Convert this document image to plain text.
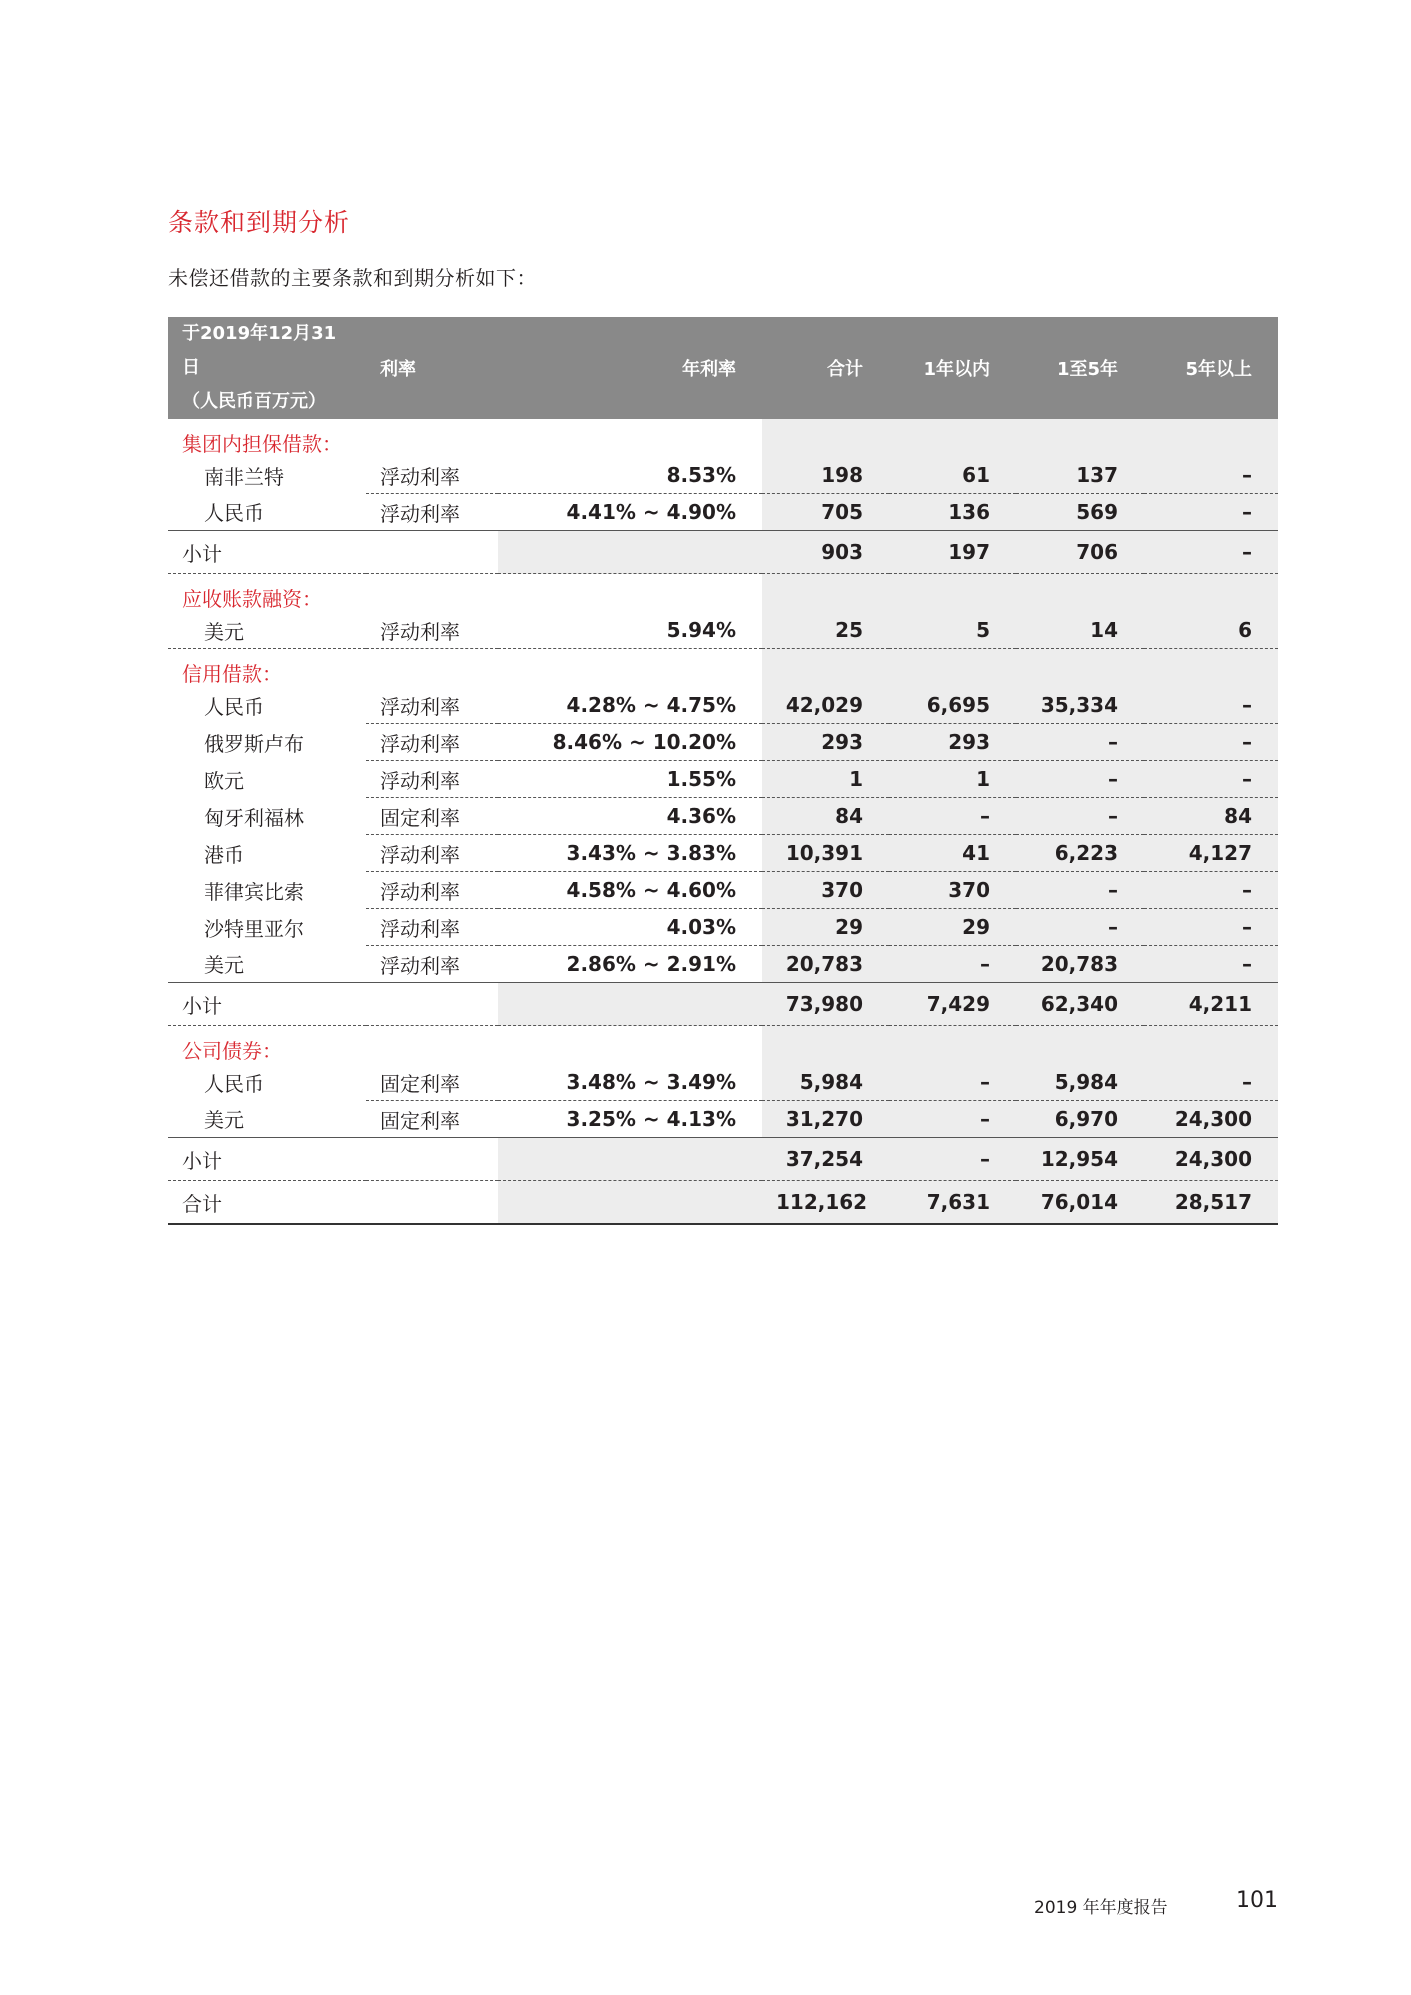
条款和到期分析

未偿还借款的主要条款和到期分析如下：

于2019年12月31日
（人民币百万元）	利率	年利率	合计	1年以内	1至5年	5年以上
集团内担保借款：						
南非兰特	浮动利率	8.53%	198	61	137	–
人民币	浮动利率	4.41% ~ 4.90%	705	136	569	–
小计			903	197	706	–
应收账款融资：						
美元	浮动利率	5.94%	25	5	14	6
信用借款：						
人民币	浮动利率	4.28% ~ 4.75%	42,029	6,695	35,334	–
俄罗斯卢布	浮动利率	8.46% ~ 10.20%	293	293	–	–
欧元	浮动利率	1.55%	1	1	–	–
匈牙利福林	固定利率	4.36%	84	–	–	84
港币	浮动利率	3.43% ~ 3.83%	10,391	41	6,223	4,127
菲律宾比索	浮动利率	4.58% ~ 4.60%	370	370	–	–
沙特里亚尔	浮动利率	4.03%	29	29	–	–
美元	浮动利率	2.86% ~ 2.91%	20,783	–	20,783	–
小计			73,980	7,429	62,340	4,211
公司债券：						
人民币	固定利率	3.48% ~ 3.49%	5,984	–	5,984	–
美元	固定利率	3.25% ~ 4.13%	31,270	–	6,970	24,300
小计			37,254	–	12,954	24,300
合计			112,162	7,631	76,014	28,517

2019 年年度报告	101
